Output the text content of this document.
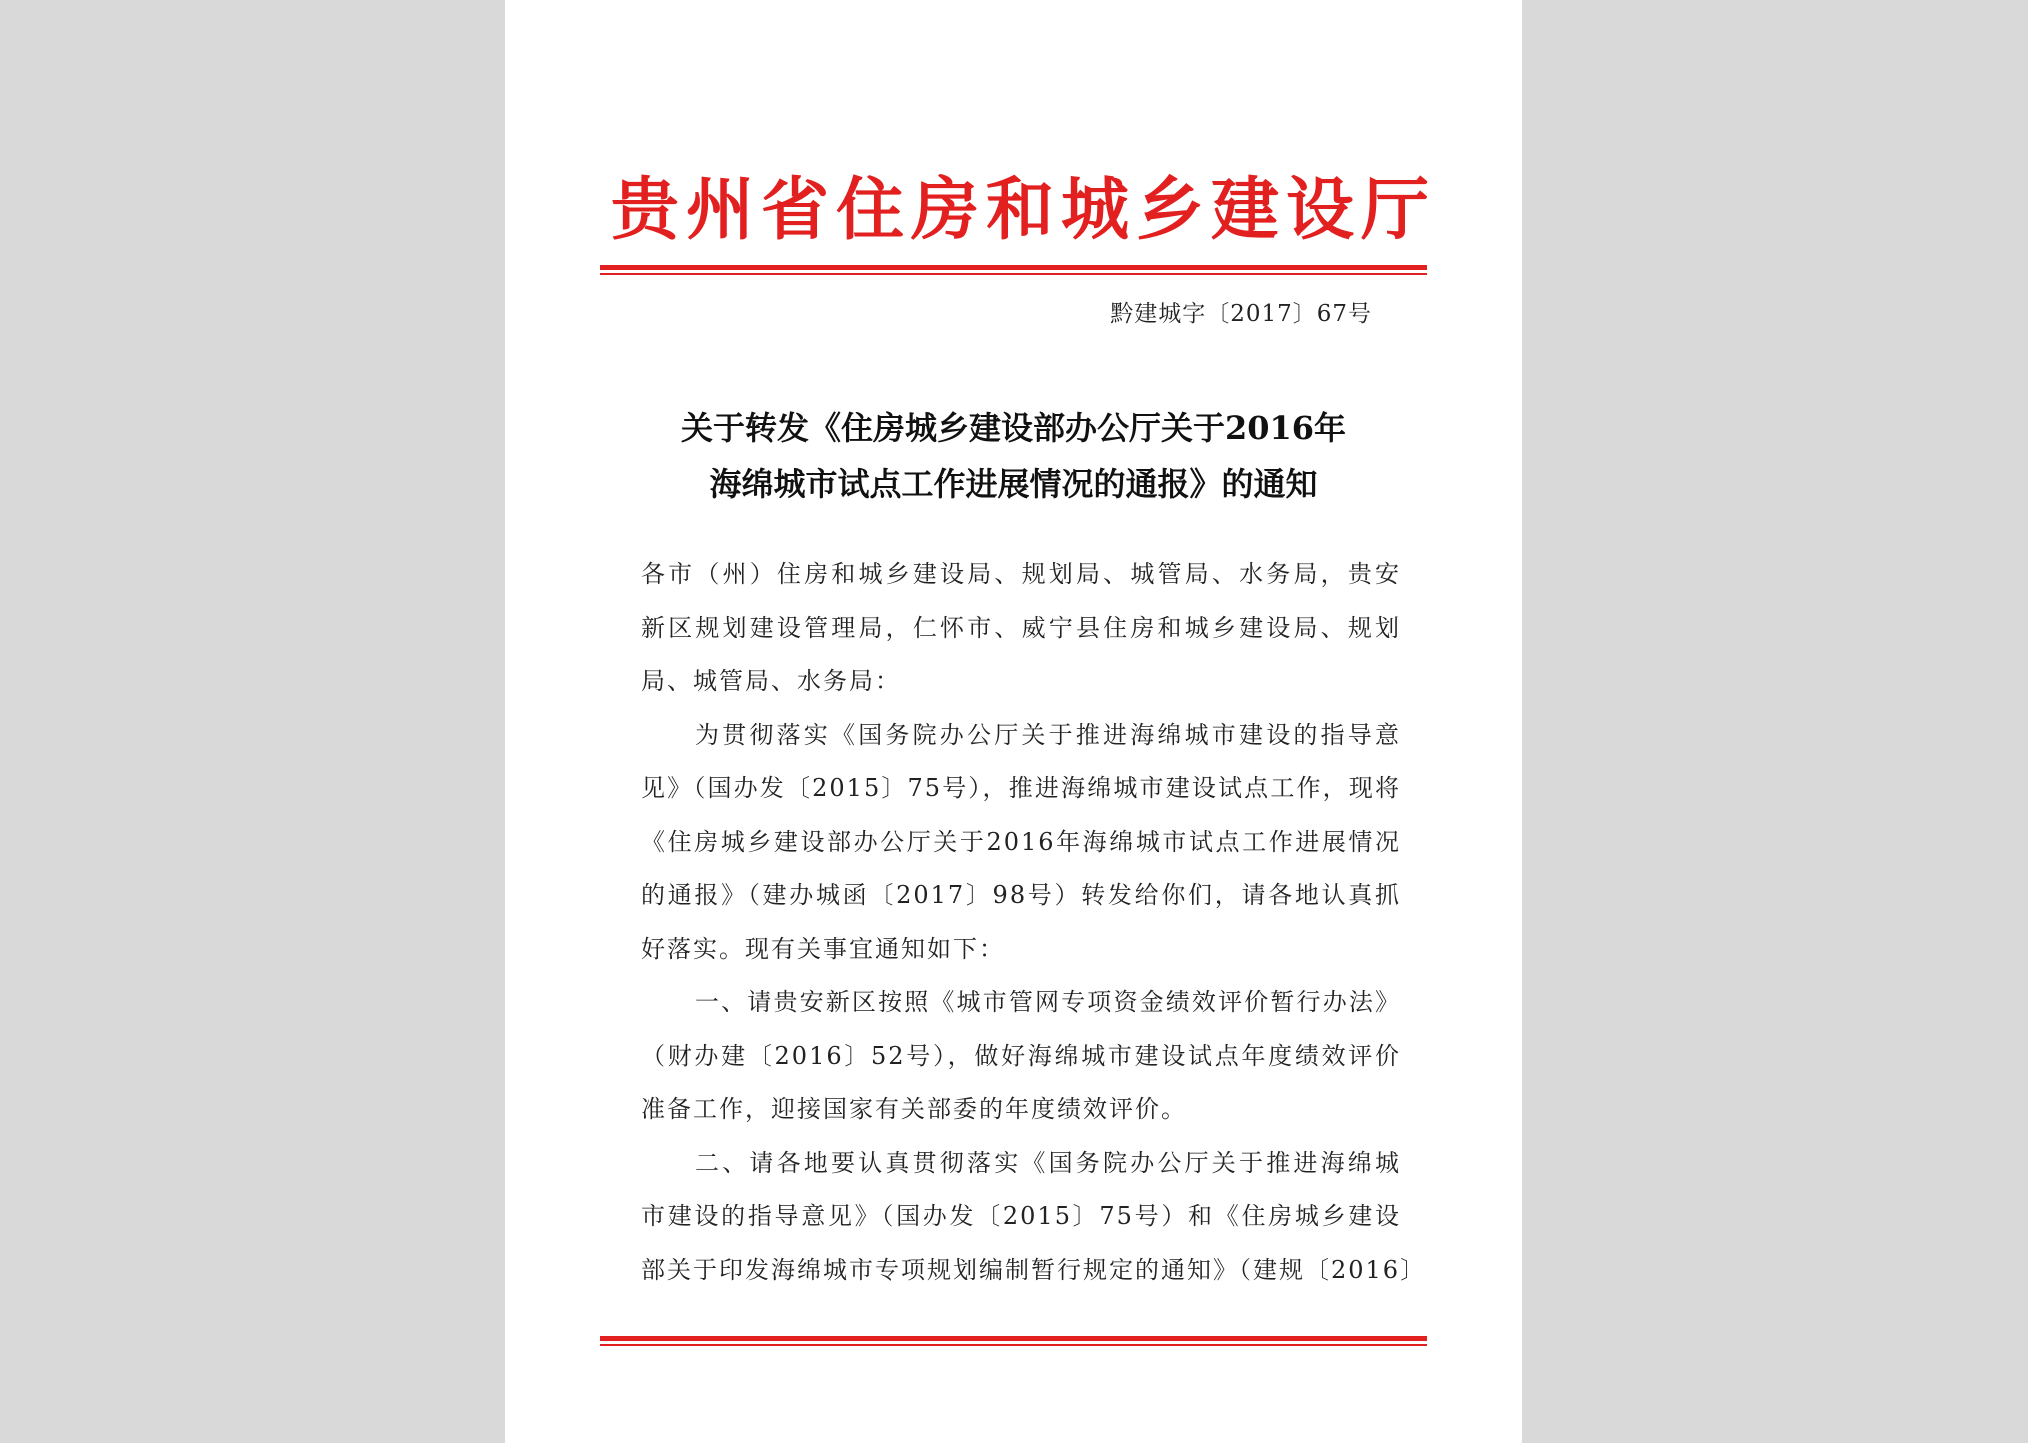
贵州省住房和城乡建设厅
黔建城字〔2017〕67号
关于转发《住房城乡建设部办公厅关于2016年
海绵城市试点工作进展情况的通报》的通知
各市（州）住房和城乡建设局、规划局、城管局、水务局，贵安
新区规划建设管理局，仁怀市、威宁县住房和城乡建设局、规划
局、城管局、水务局：
为贯彻落实《国务院办公厅关于推进海绵城市建设的指导意
见》（国办发〔2015〕75号），推进海绵城市建设试点工作，现将
《住房城乡建设部办公厅关于2016年海绵城市试点工作进展情况
的通报》（建办城函〔2017〕98号）转发给你们，请各地认真抓
好落实。现有关事宜通知如下：
一、请贵安新区按照《城市管网专项资金绩效评价暂行办法》
（财办建〔2016〕52号），做好海绵城市建设试点年度绩效评价
准备工作，迎接国家有关部委的年度绩效评价。
二、请各地要认真贯彻落实《国务院办公厅关于推进海绵城
市建设的指导意见》（国办发〔2015〕75号）和《住房城乡建设
部关于印发海绵城市专项规划编制暂行规定的通知》（建规〔2016〕
